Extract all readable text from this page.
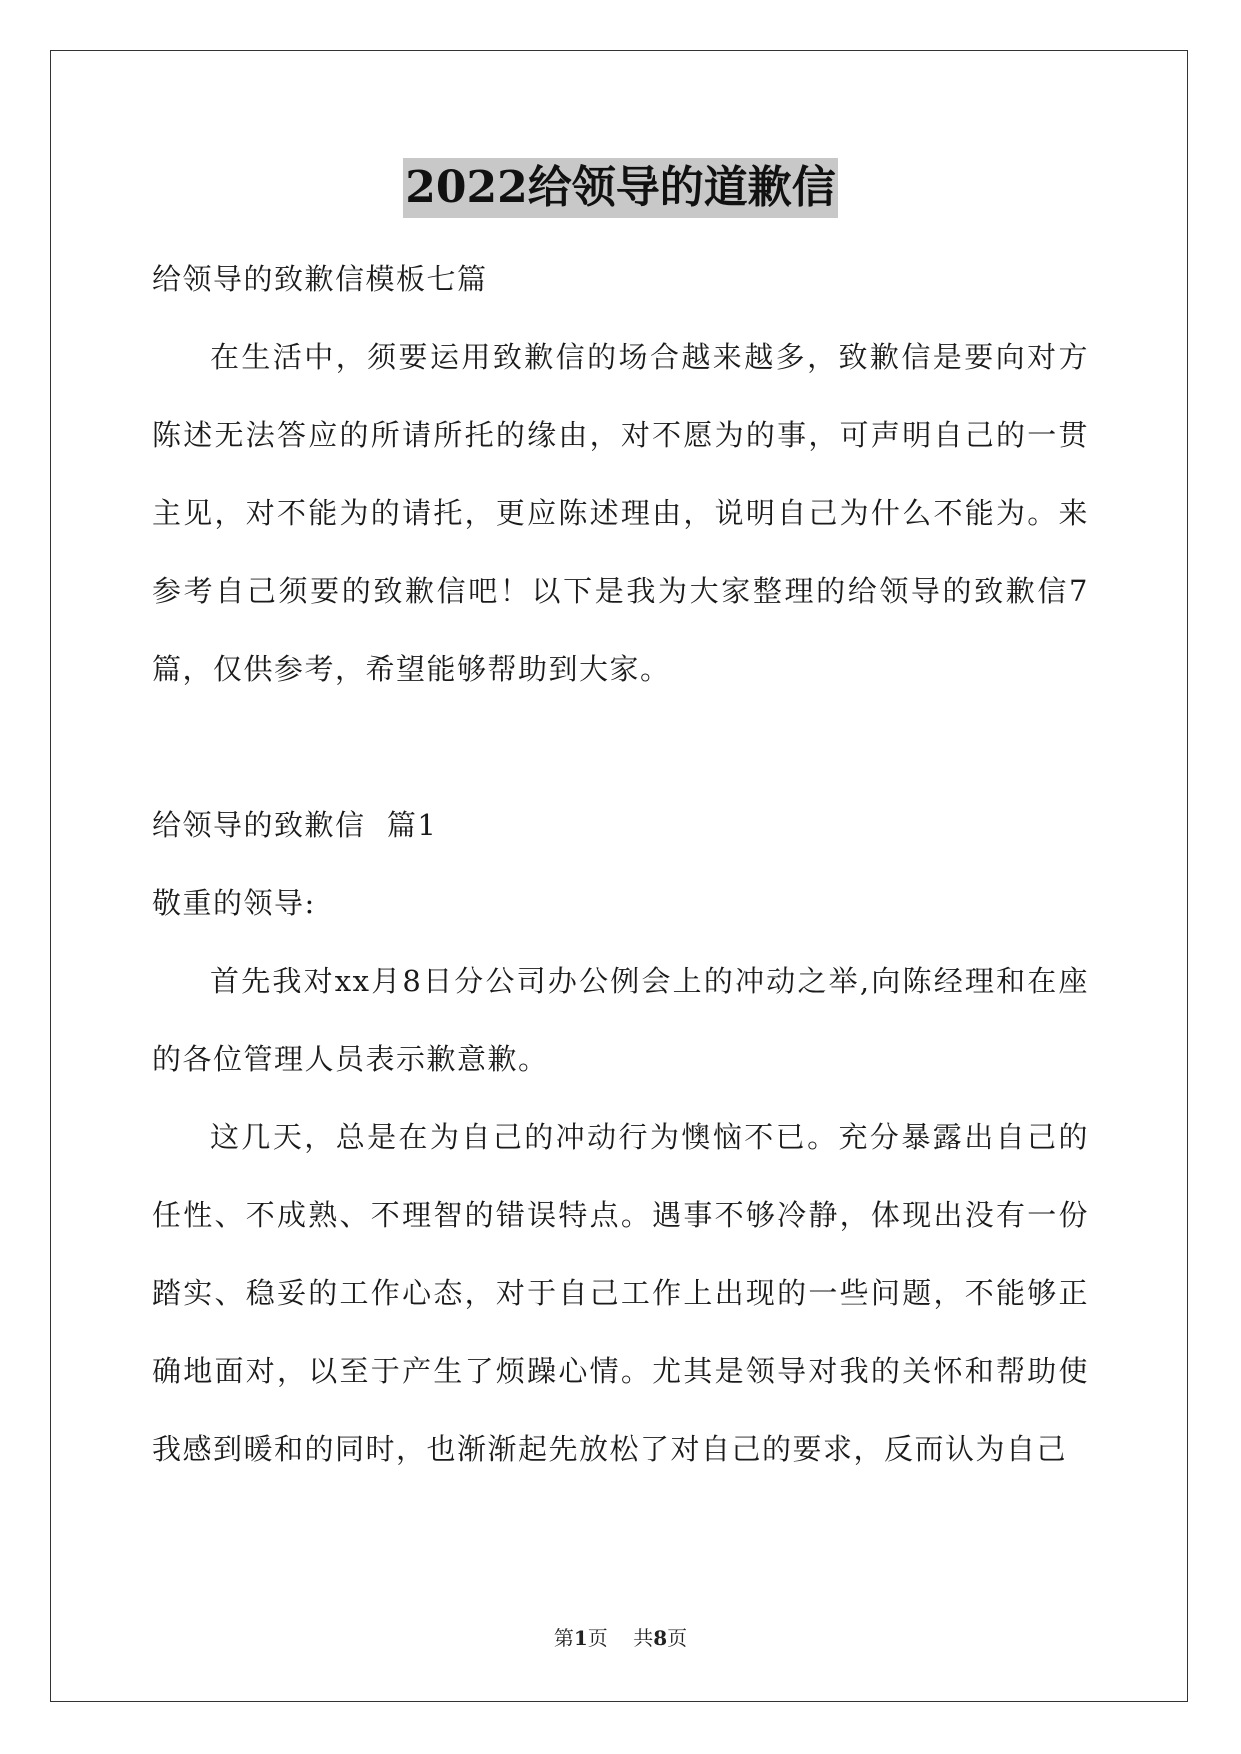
2022给领导的道歉信

给领导的致歉信模板七篇

在生活中，须要运用致歉信的场合越来越多，致歉信是要向对方陈述无法答应的所请所托的缘由，对不愿为的事，可声明自己的一贯主见，对不能为的请托，更应陈述理由，说明自己为什么不能为。来参考自己须要的致歉信吧！以下是我为大家整理的给领导的致歉信7篇，仅供参考，希望能够帮助到大家。

给领导的致歉信  篇1

敬重的领导:

首先我对xx月8日分公司办公例会上的冲动之举,向陈经理和在座的各位管理人员表示歉意歉。

这几天，总是在为自己的冲动行为懊恼不已。充分暴露出自己的任性、不成熟、不理智的错误特点。遇事不够冷静，体现出没有一份踏实、稳妥的工作心态，对于自己工作上出现的一些问题，不能够正确地面对，以至于产生了烦躁心情。尤其是领导对我的关怀和帮助使我感到暖和的同时，也渐渐起先放松了对自己的要求，反而认为自己

第1页    共8页
